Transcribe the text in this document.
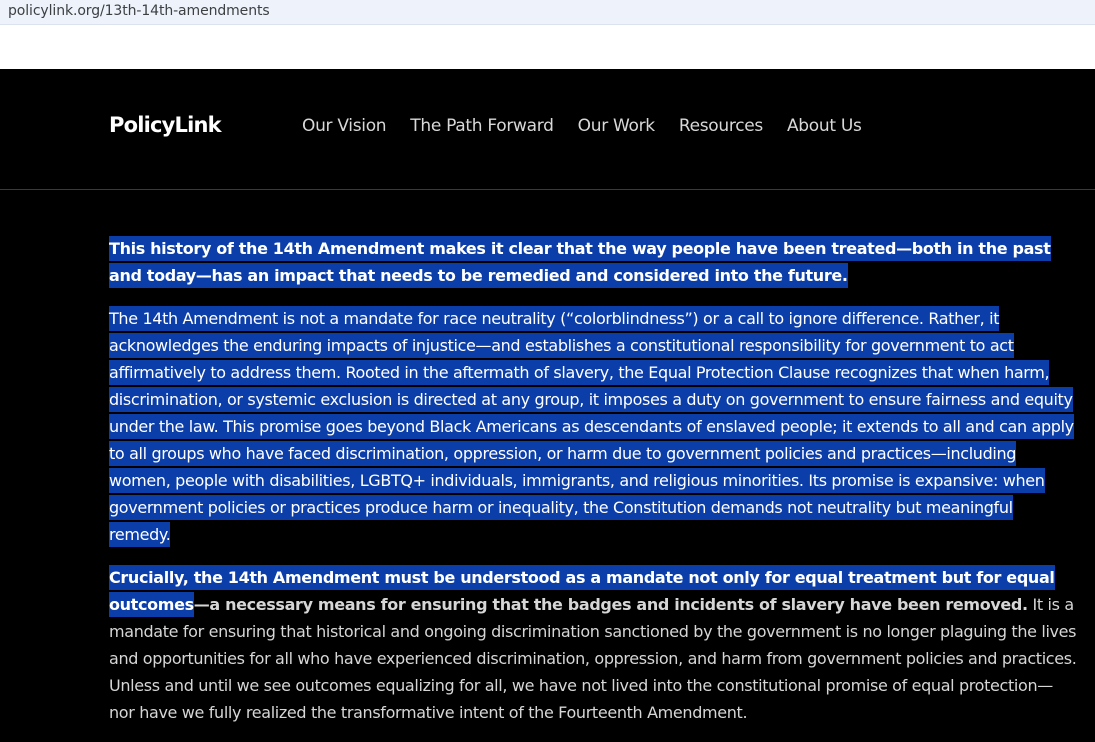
policylink.org/13th-14th-amendments
PolicyLink	Our Vision The Path Forward Our Work Resources About Us

This history of the 14th Amendment makes it clear that the way people have been treated—both in the past and today—has an impact that needs to be remedied and considered into the future.

The 14th Amendment is not a mandate for race neutrality (“colorblindness”) or a call to ignore difference. Rather, it acknowledges the enduring impacts of injustice—and establishes a constitutional responsibility for government to act affirmatively to address them. Rooted in the aftermath of slavery, the Equal Protection Clause recognizes that when harm, discrimination, or systemic exclusion is directed at any group, it imposes a duty on government to ensure fairness and equity under the law. This promise goes beyond Black Americans as descendants of enslaved people; it extends to all and can apply to all groups who have faced discrimination, oppression, or harm due to government policies and practices—including women, people with disabilities, LGBTQ+ individuals, immigrants, and religious minorities. Its promise is expansive: when government policies or practices produce harm or inequality, the Constitution demands not neutrality but meaningful remedy.

Crucially, the 14th Amendment must be understood as a mandate not only for equal treatment but for equal outcomes—a necessary means for ensuring that the badges and incidents of slavery have been removed. It is a mandate for ensuring that historical and ongoing discrimination sanctioned by the government is no longer plaguing the lives and opportunities for all who have experienced discrimination, oppression, and harm from government policies and practices. Unless and until we see outcomes equalizing for all, we have not lived into the constitutional promise of equal protection—nor have we fully realized the transformative intent of the Fourteenth Amendment.
